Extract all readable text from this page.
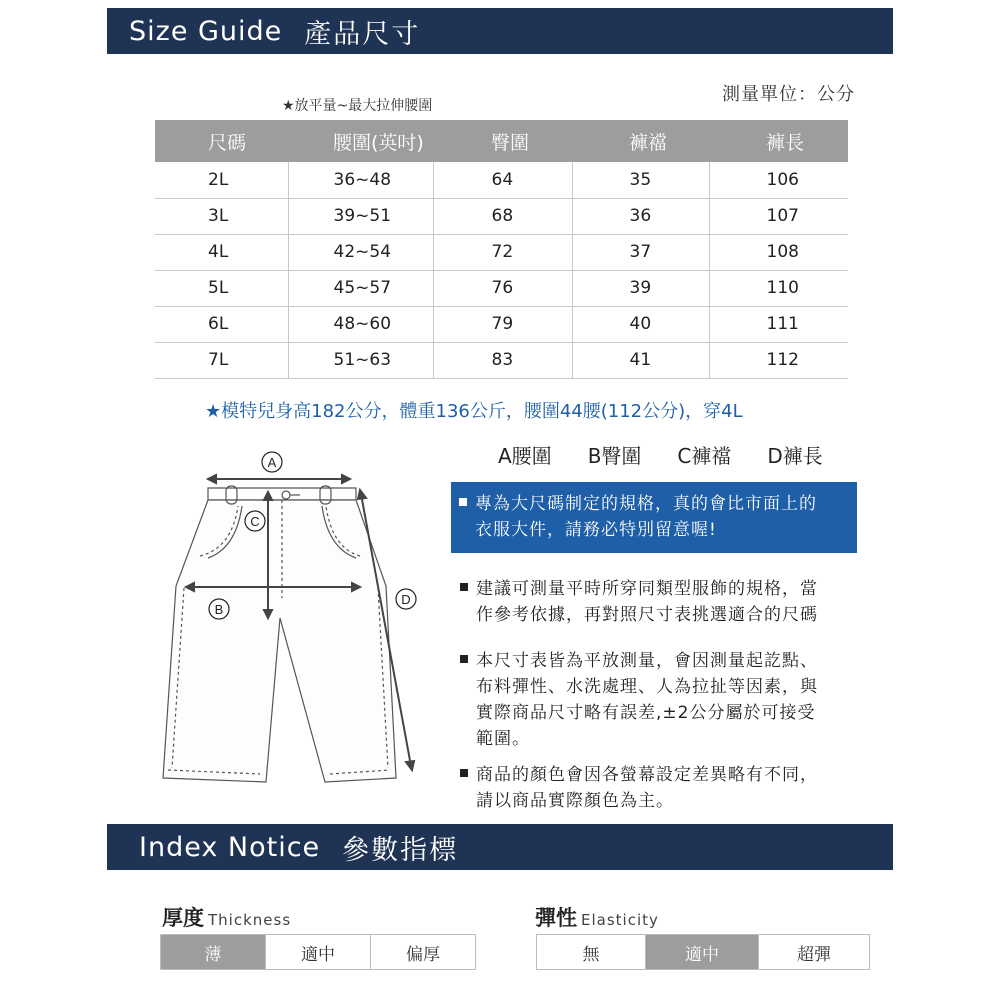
Size Guide 產品尺寸
★放平量~最大拉伸腰圍
測量單位：公分
尺碼	腰圍(英吋)	臀圍	褲襠	褲長
2L	36~48	64	35	106
3L	39~51	68	36	107
4L	42~54	72	37	108
5L	45~57	76	39	110
6L	48~60	79	40	111
7L	51~63	83	41	112
★模特兒身高182公分，體重136公斤，腰圍44腰(112公分)，穿4L
A腰圍 B臀圍 C褲襠 D褲長
A
C
B
D
專為大尺碼制定的規格，真的會比市面上的
衣服大件，請務必特別留意喔!
建議可測量平時所穿同類型服飾的規格，當
作參考依據，再對照尺寸表挑選適合的尺碼
本尺寸表皆為平放測量，會因測量起訖點、
布料彈性、水洗處理、人為拉扯等因素，與
實際商品尺寸略有誤差,±2公分屬於可接受
範圍。
商品的顏色會因各螢幕設定差異略有不同，
請以商品實際顏色為主。
Index Notice 參數指標
厚度 Thickness
薄	適中	偏厚
彈性 Elasticity
無	適中	超彈
